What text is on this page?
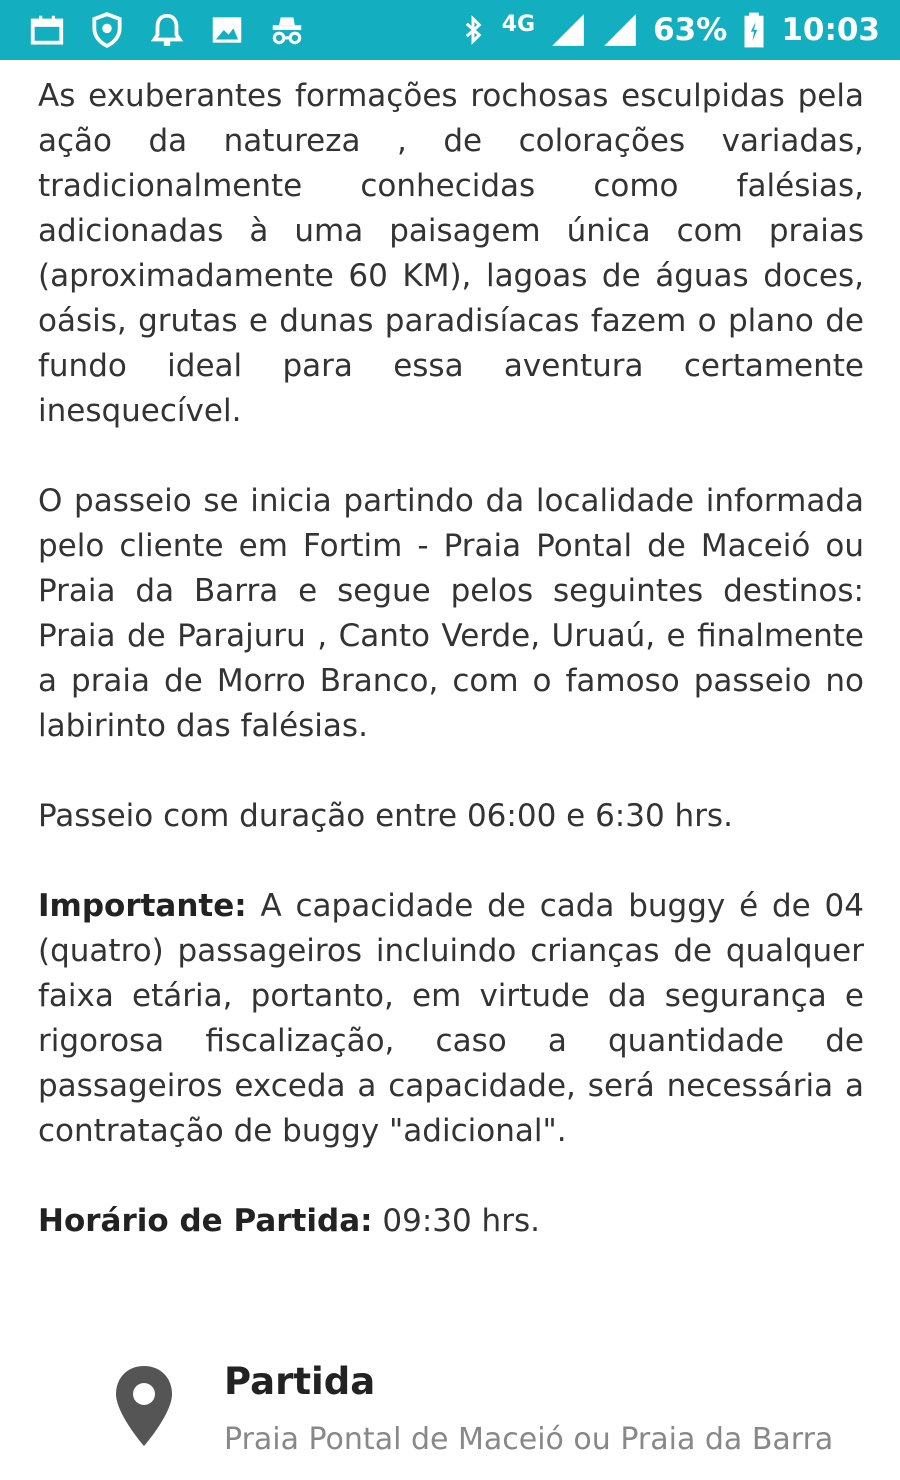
4G	63% 10:03

As exuberantes formações rochosas esculpidas pela ação da natureza , de colorações variadas, tradicionalmente conhecidas como falésias, adicionadas à uma paisagem única com praias (aproximadamente 60 KM), lagoas de águas doces, oásis, grutas e dunas paradisíacas fazem o plano de fundo ideal para essa aventura certamente inesquecível.

O passeio se inicia partindo da localidade informada pelo cliente em Fortim - Praia Pontal de Maceió ou Praia da Barra e segue pelos seguintes destinos: Praia de Parajuru , Canto Verde, Uruaú, e finalmente a praia de Morro Branco, com o famoso passeio no labirinto das falésias.

Passeio com duração entre 06:00 e 6:30 hrs.

Importante: A capacidade de cada buggy é de 04 (quatro) passageiros incluindo crianças de qualquer faixa etária, portanto, em virtude da segurança e rigorosa fiscalização, caso a quantidade de passageiros exceda a capacidade, será necessária a contratação de buggy "adicional".

Horário de Partida: 09:30 hrs.

Partida
Praia Pontal de Maceió ou Praia da Barra
